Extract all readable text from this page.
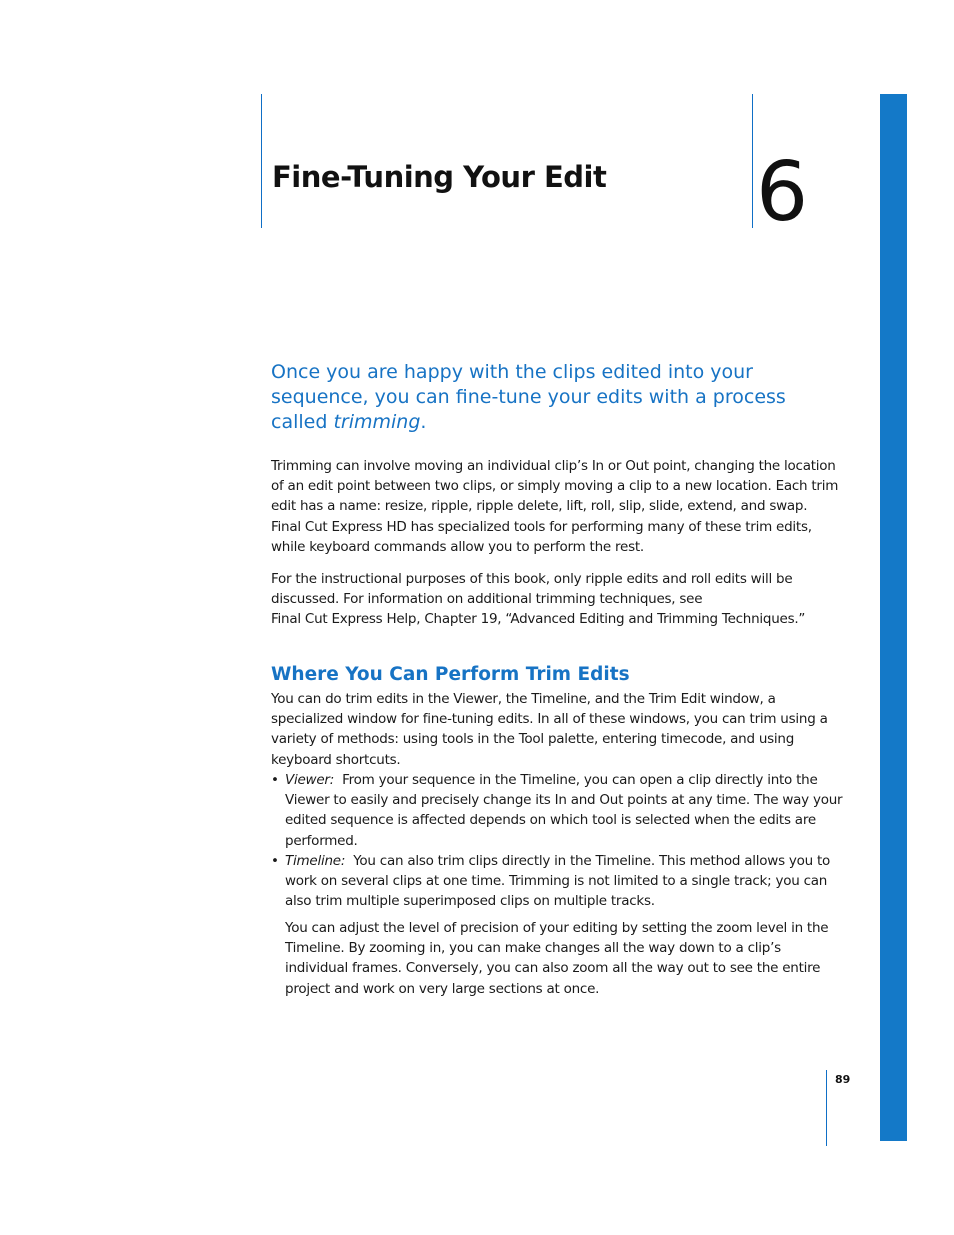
Fine-Tuning Your Edit 6

Once you are happy with the clips edited into your sequence, you can fine-tune your edits with a process called trimming.

Trimming can involve moving an individual clip’s In or Out point, changing the location
of an edit point between two clips, or simply moving a clip to a new location. Each trim
edit has a name: resize, ripple, ripple delete, lift, roll, slip, slide, extend, and swap.
Final Cut Express HD has specialized tools for performing many of these trim edits,
while keyboard commands allow you to perform the rest.

For the instructional purposes of this book, only ripple edits and roll edits will be
discussed. For information on additional trimming techniques, see
Final Cut Express Help, Chapter 19, “Advanced Editing and Trimming Techniques.”

Where You Can Perform Trim Edits

You can do trim edits in the Viewer, the Timeline, and the Trim Edit window, a
specialized window for fine-tuning edits. In all of these windows, you can trim using a
variety of methods: using tools in the Tool palette, entering timecode, and using
keyboard shortcuts.

• Viewer: From your sequence in the Timeline, you can open a clip directly into the
Viewer to easily and precisely change its In and Out points at any time. The way your
edited sequence is affected depends on which tool is selected when the edits are
performed.
• Timeline: You can also trim clips directly in the Timeline. This method allows you to
work on several clips at one time. Trimming is not limited to a single track; you can
also trim multiple superimposed clips on multiple tracks.

You can adjust the level of precision of your editing by setting the zoom level in the
Timeline. By zooming in, you can make changes all the way down to a clip’s
individual frames. Conversely, you can also zoom all the way out to see the entire
project and work on very large sections at once.

89
